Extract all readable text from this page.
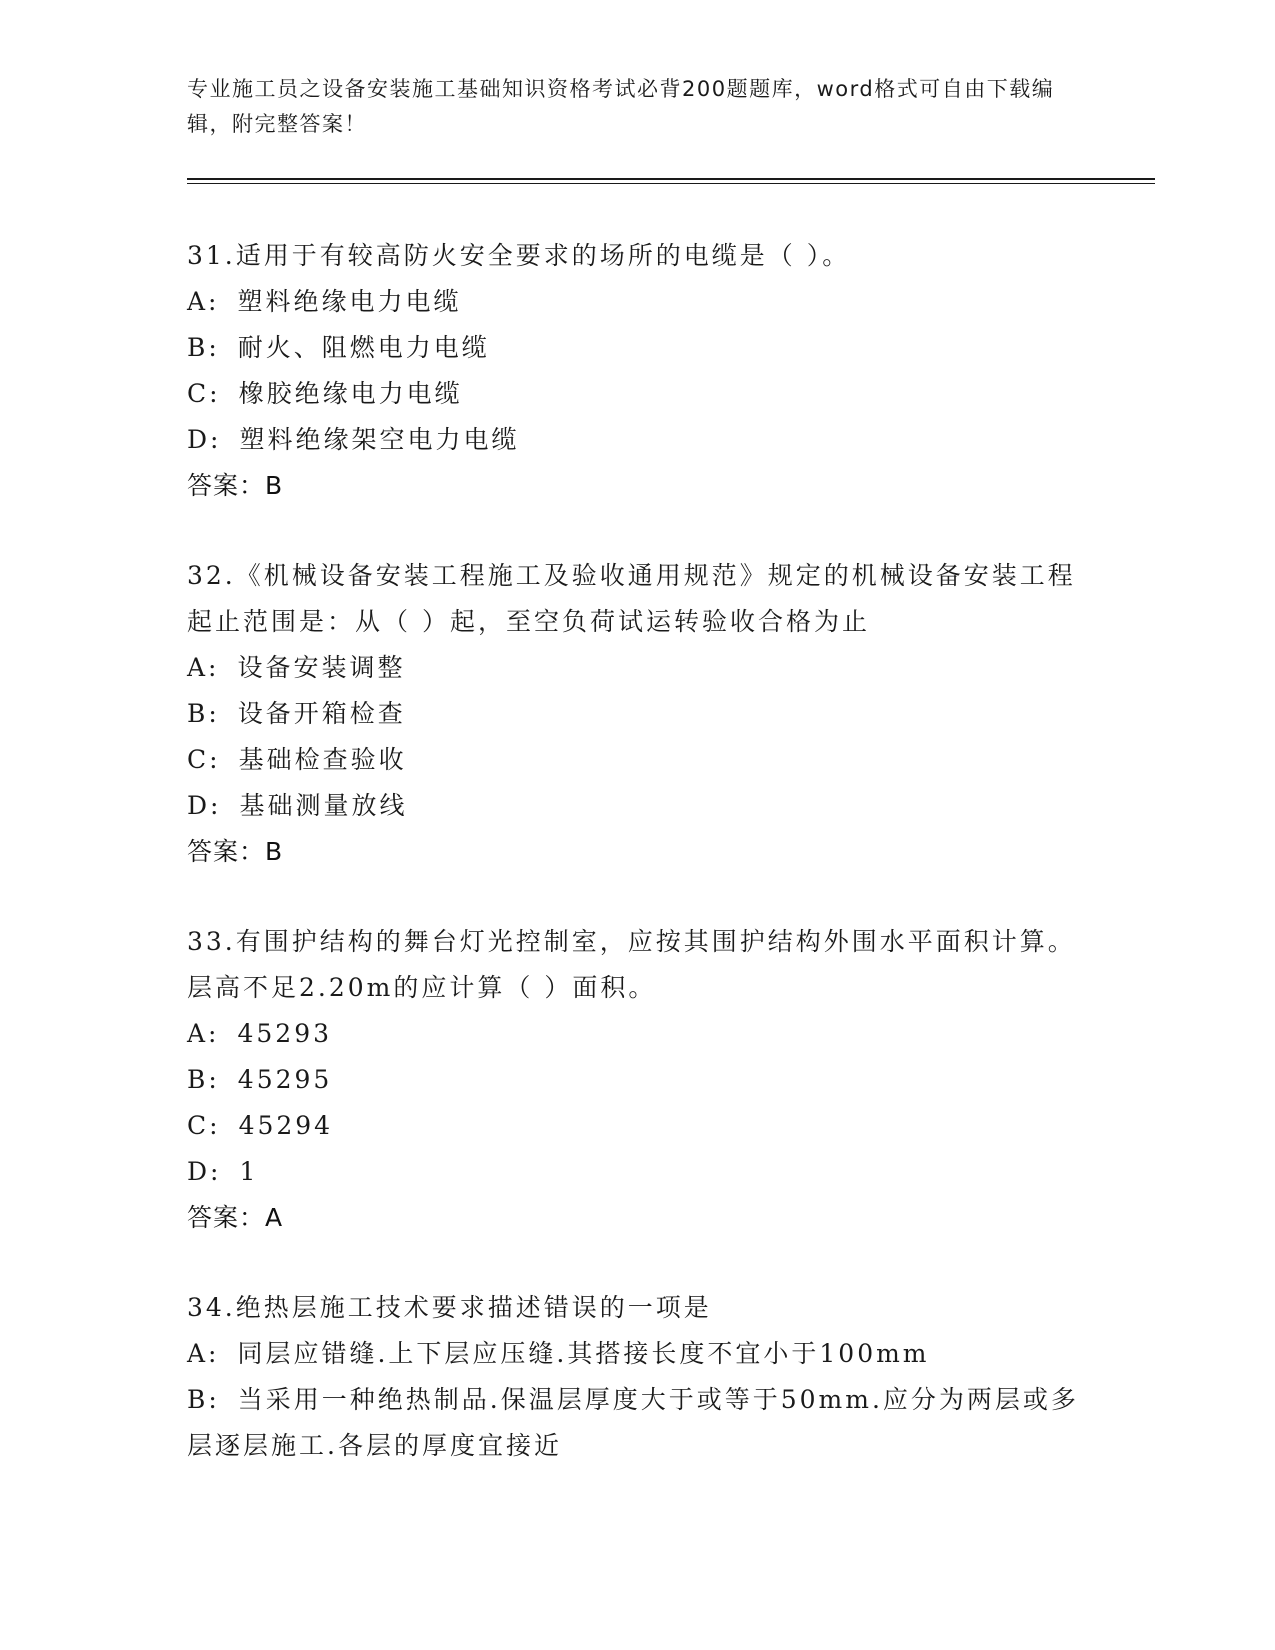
专业施工员之设备安装施工基础知识资格考试必背200题题库，word格式可自由下载编辑，附完整答案！
31.适用于有较高防火安全要求的场所的电缆是（ ）。
A: 塑料绝缘电力电缆
B: 耐火、阻燃电力电缆
C: 橡胶绝缘电力电缆
D: 塑料绝缘架空电力电缆
答案：B
32.《机械设备安装工程施工及验收通用规范》规定的机械设备安装工程起止范围是：从（ ）起，至空负荷试运转验收合格为止
A: 设备安装调整
B: 设备开箱检查
C: 基础检查验收
D: 基础测量放线
答案：B
33.有围护结构的舞台灯光控制室，应按其围护结构外围水平面积计算。层高不足2.20m的应计算（ ）面积。
A: 45293
B: 45295
C: 45294
D: 1
答案：A
34.绝热层施工技术要求描述错误的一项是
A: 同层应错缝.上下层应压缝.其搭接长度不宜小于100mm
B: 当采用一种绝热制品.保温层厚度大于或等于50mm.应分为两层或多层逐层施工.各层的厚度宜接近
